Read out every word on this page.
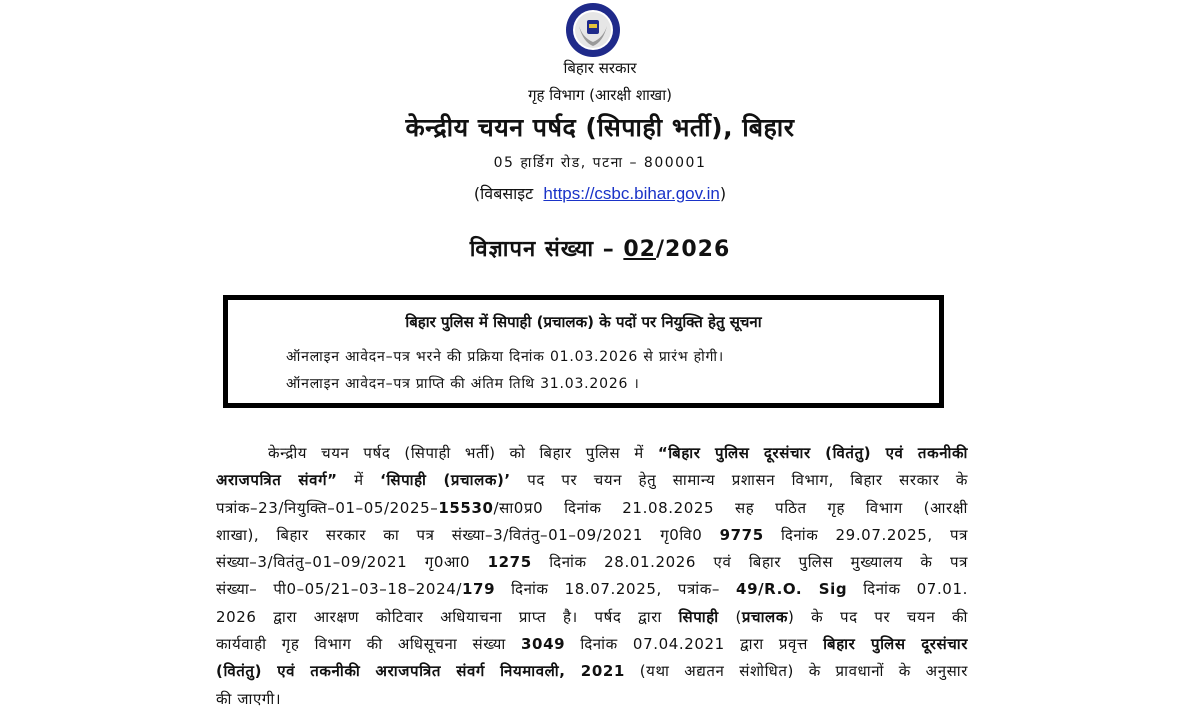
बिहार सरकार
गृह विभाग (आरक्षी शाखा)
केन्द्रीय चयन पर्षद (सिपाही भर्ती), बिहार
05 हार्डिग रोड, पटना – 800001
(विबसाइट https://csbc.bihar.gov.in)
विज्ञापन संख्या – 02/2026
बिहार पुलिस में सिपाही (प्रचालक) के पदों पर नियुक्ति हेतु सूचना
ऑनलाइन आवेदन–पत्र भरने की प्रक्रिया दिनांक 01.03.2026 से प्रारंभ होगी।
ऑनलाइन आवेदन–पत्र प्राप्ति की अंतिम तिथि 31.03.2026 ।
केन्द्रीय चयन पर्षद (सिपाही भर्ती) को बिहार पुलिस में “बिहार पुलिस दूरसंचार (वितंतु) एवं तकनीकी
अराजपत्रित संवर्ग” में ‘सिपाही (प्रचालक)’ पद पर चयन हेतु सामान्य प्रशासन विभाग, बिहार सरकार के
पत्रांक–23/नियुक्ति–01–05/2025–15530/सा0प्र0 दिनांक 21.08.2025 सह पठित गृह विभाग (आरक्षी
शाखा), बिहार सरकार का पत्र संख्या–3/वितंतु–01–09/2021 गृ0वि0 9775 दिनांक 29.07.2025, पत्र
संख्या–3/वितंतु–01–09/2021 गृ0आ0 1275 दिनांक 28.01.2026 एवं बिहार पुलिस मुख्यालय के पत्र
संख्या– पी0–05/21–03–18–2024/179 दिनांक 18.07.2025, पत्रांक– 49/R.O. Sig दिनांक 07.01.
2026 द्वारा आरक्षण कोटिवार अधियाचना प्राप्त है। पर्षद द्वारा सिपाही (प्रचालक) के पद पर चयन की
कार्यवाही गृह विभाग की अधिसूचना संख्या 3049 दिनांक 07.04.2021 द्वारा प्रवृत्त बिहार पुलिस दूरसंचार
(वितंतु) एवं तकनीकी अराजपत्रित संवर्ग नियमावली, 2021 (यथा अद्यतन संशोधित) के प्रावधानों के अनुसार
की जाएगी।
